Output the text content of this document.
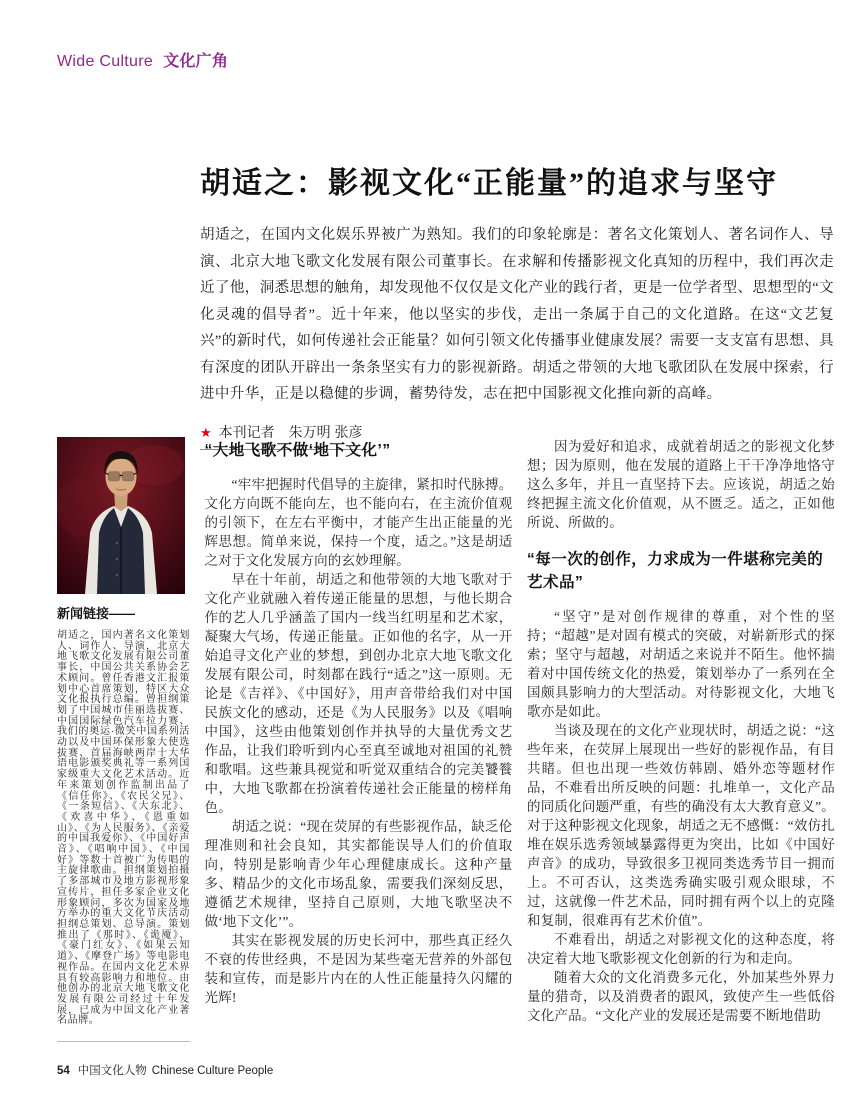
Wide Culture 文化广角
胡适之：影视文化“正能量”的追求与坚守

胡适之，在国内文化娱乐界被广为熟知。我们的印象轮廓是：著名文化策划人、著名词作人、导演、北京大地飞歌文化发展有限公司董事长。在求解和传播影视文化真知的历程中，我们再次走近了他，洞悉思想的触角，却发现他不仅仅是文化产业的践行者，更是一位学者型、思想型的“文化灵魂的倡导者”。近十年来，他以坚实的步伐，走出一条属于自己的文化道路。在这“文艺复兴”的新时代，如何传递社会正能量？如何引领文化传播事业健康发展？需要一支支富有思想、具有深度的团队开辟出一条条坚实有力的影视新路。胡适之带领的大地飞歌团队在发展中探索，行进中升华，正是以稳健的步调，蓄势待发，志在把中国影视文化推向新的高峰。

★ 本刊记者 朱万明 张彦
新闻链接——

胡适之，国内著名文化策划人、词作人、导演，北京大地飞歌文化发展有限公司董事长，中国公共关系协会艺术顾问。曾任香港文汇报策划中心首席策划，特区大众文化报执行总编。曾担纲策划了中国城市佳丽选拔赛、中国国际绿色汽车拉力赛、我们的奥运·微笑中国系列活动以及中国环保形象大使选拔赛、首届海峡两岸十大华语电影颁奖典礼等一系列国家级重大文化艺术活动。近年来策划创作监制出品了《信任你》、《农民父兄》、《一条短信》、《大东北》、《欢喜中华》、《恩重如山》、《为人民服务》、《亲爱的中国我爱你》、《中国好声音》、《唱响中国》、《中国好》等数十首被广为传唱的主旋律歌曲。担纲策划拍摄了多部城市及地方影视形象宣传片，担任多家企业文化形象顾问，多次为国家及地方举办的重大文化节庆活动担纲总策划、总导演。策划推出了《那时》、《诡魇》、《豪门红女》、《如果云知道》、《摩登广场》等电影电视作品。在国内文化艺术界具有较高影响力和地位。由他创办的北京大地飞歌文化发展有限公司经过十年发展，已成为中国文化产业著名品牌。

“大地飞歌不做‘地下文化’”

“牢牢把握时代倡导的主旋律，紧扣时代脉搏。文化方向既不能向左，也不能向右，在主流价值观的引领下，在左右平衡中，才能产生出正能量的光辉思想。简单来说，保持一个度，适之。”这是胡适之对于文化发展方向的玄妙理解。

早在十年前，胡适之和他带领的大地飞歌对于文化产业就融入着传递正能量的思想，与他长期合作的艺人几乎涵盖了国内一线当红明星和艺术家，凝聚大气场，传递正能量。正如他的名字，从一开始追寻文化产业的梦想，到创办北京大地飞歌文化发展有限公司，时刻都在践行“适之”这一原则。无论是《吉祥》、《中国好》，用声音带给我们对中国民族文化的感动，还是《为人民服务》以及《唱响中国》，这些由他策划创作并执导的大量优秀文艺作品，让我们聆听到内心至真至诚地对祖国的礼赞和歌唱。这些兼具视觉和听觉双重结合的完美饕餮中，大地飞歌都在扮演着传递社会正能量的榜样角色。

胡适之说：“现在荧屏的有些影视作品，缺乏伦理准则和社会良知，其实都能误导人们的价值取向，特别是影响青少年心理健康成长。这种产量多、精品少的文化市场乱象，需要我们深刻反思，遵循艺术规律，坚持自己原则，大地飞歌坚决不做‘地下文化’”。

其实在影视发展的历史长河中，那些真正经久不衰的传世经典，不是因为某些毫无营养的外部包装和宣传，而是影片内在的人性正能量持久闪耀的光辉!

因为爱好和追求，成就着胡适之的影视文化梦想；因为原则，他在发展的道路上干干净净地恪守这么多年，并且一直坚持下去。应该说，胡适之始终把握主流文化价值观，从不匮乏。适之，正如他所说、所做的。

“每一次的创作，力求成为一件堪称完美的艺术品”

“坚守”是对创作规律的尊重，对个性的坚持；“超越”是对固有模式的突破，对崭新形式的探索；坚守与超越，对胡适之来说并不陌生。他怀揣着对中国传统文化的热爱，策划举办了一系列在全国颇具影响力的大型活动。对待影视文化，大地飞歌亦是如此。

当谈及现在的文化产业现状时，胡适之说：“这些年来，在荧屏上展现出一些好的影视作品，有目共睹。但也出现一些效仿韩剧、婚外恋等题材作品，不难看出所反映的问题：扎堆单一，文化产品的同质化问题严重，有些的确没有太大教育意义”。对于这种影视文化现象，胡适之无不感慨：“效仿扎堆在娱乐选秀领域暴露得更为突出，比如《中国好声音》的成功，导致很多卫视同类选秀节目一拥而上。不可否认，这类选秀确实吸引观众眼球，不过，这就像一件艺术品，同时拥有两个以上的克隆和复制，很难再有艺术价值”。

不难看出，胡适之对影视文化的这种态度，将决定着大地飞歌影视文化创新的行为和走向。

随着大众的文化消费多元化，外加某些外界力量的猎奇，以及消费者的跟风，致使产生一些低俗文化产品。“文化产业的发展还是需要不断地借助

54 中国文化人物 Chinese Culture People
